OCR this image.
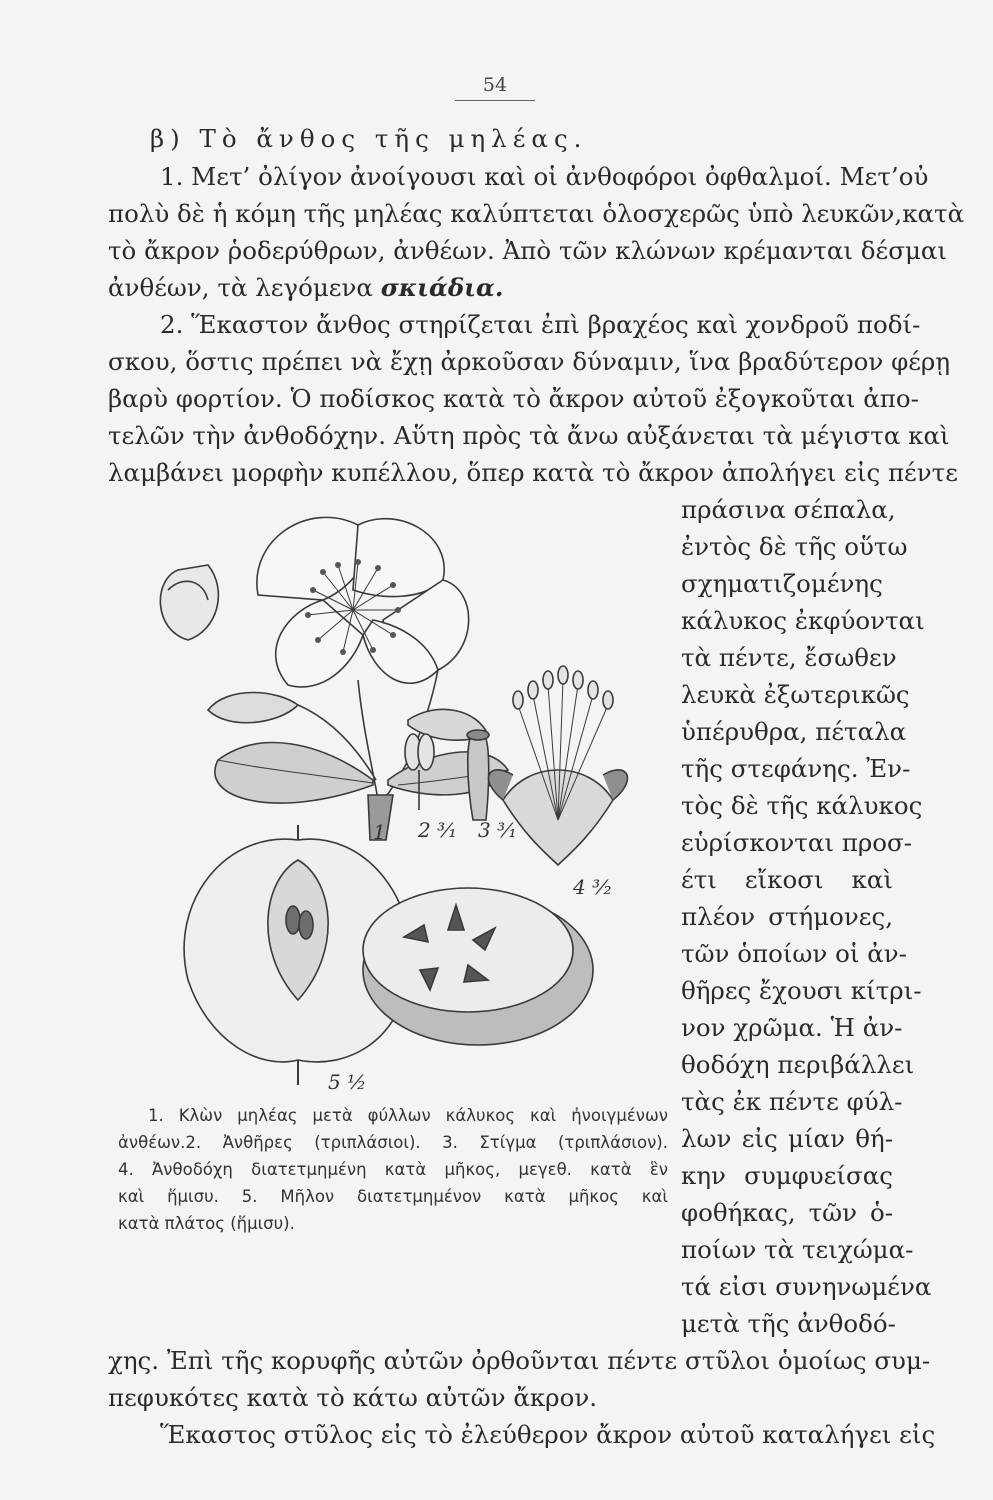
54
β) Τὸ ἄνθος τῆς μηλέας.
1. Μετ’ ὀλίγον ἀνοίγουσι καὶ οἱ ἀνθοφόροι ὀφθαλμοί. Μετ’οὐ
πολὺ δὲ ἡ κόμη τῆς μηλέας καλύπτεται ὁλοσχερῶς ὑπὸ λευκῶν,κατὰ
τὸ ἄκρον ῥοδερύθρων, ἀνθέων. Ἀπὸ τῶν κλώνων κρέμανται δέσμαι
ἀνθέων, τὰ λεγόμενα σκιάδια.
2. Ἕκαστον ἄνθος στηρίζεται ἐπὶ βραχέος καὶ χονδροῦ ποδί-
σκου, ὅστις πρέπει νὰ ἔχῃ ἀρκοῦσαν δύναμιν, ἵνα βραδύτερον φέρῃ
βαρὺ φορτίον. Ὁ ποδίσκος κατὰ τὸ ἄκρον αὐτοῦ ἐξογκοῦται ἀπο-
τελῶν τὴν ἀνθοδόχην. Αὕτη πρὸς τὰ ἄνω αὐξάνεται τὰ μέγιστα καὶ
λαμβάνει μορφὴν κυπέλλου, ὅπερ κατὰ τὸ ἄκρον ἀπολήγει εἰς πέντε
πράσινα σέπαλα,
ἐντὸς δὲ τῆς οὕτω
σχηματιζομένης
κάλυκος ἐκφύονται
τὰ πέντε, ἔσωθεν
λευκὰ ἐξωτερικῶς
ὑπέρυθρα, πέταλα
τῆς στεφάνης. Ἐν-
τὸς δὲ τῆς κάλυκος
εὑρίσκονται προσ-
έτι εἴκοσι καὶ
πλέον στήμονες,
τῶν ὁποίων οἱ ἀν-
θῆρες ἔχουσι κίτρι-
νον χρῶμα. Ἡ ἀν-
θοδόχη περιβάλλει
τὰς ἐκ πέντε φύλ-
λων εἰς μίαν θή-
κην συμφυείσας
φοθήκας, τῶν ὁ-
ποίων τὰ τειχώμα-
τά εἰσι συνηνωμένα
μετὰ τῆς ἀνθοδό-
1 2 ³⁄₁ 3 ³⁄₁
4 ³⁄₂
5 ½
1. Κλὼν μηλέας μετὰ φύλλων κάλυκος καὶ ἠνοιγμένων
ἀνθέων.2. Ἀνθῆρες (τριπλάσιοι). 3. Στίγμα (τριπλάσιον).
4. Ἀνθοδόχη διατετμημένη κατὰ μῆκος, μεγεθ. κατὰ ἓν
καὶ ἥμισυ. 5. Μῆλον διατετμημένον κατὰ μῆκος καὶ
κατὰ πλάτος (ἥμισυ).
χης. Ἐπὶ τῆς κορυφῆς αὐτῶν ὀρθοῦνται πέντε στῦλοι ὁμοίως συμ-
πεφυκότες κατὰ τὸ κάτω αὐτῶν ἄκρον.
Ἕκαστος στῦλος εἰς τὸ ἐλεύθερον ἄκρον αὐτοῦ καταλήγει εἰς
